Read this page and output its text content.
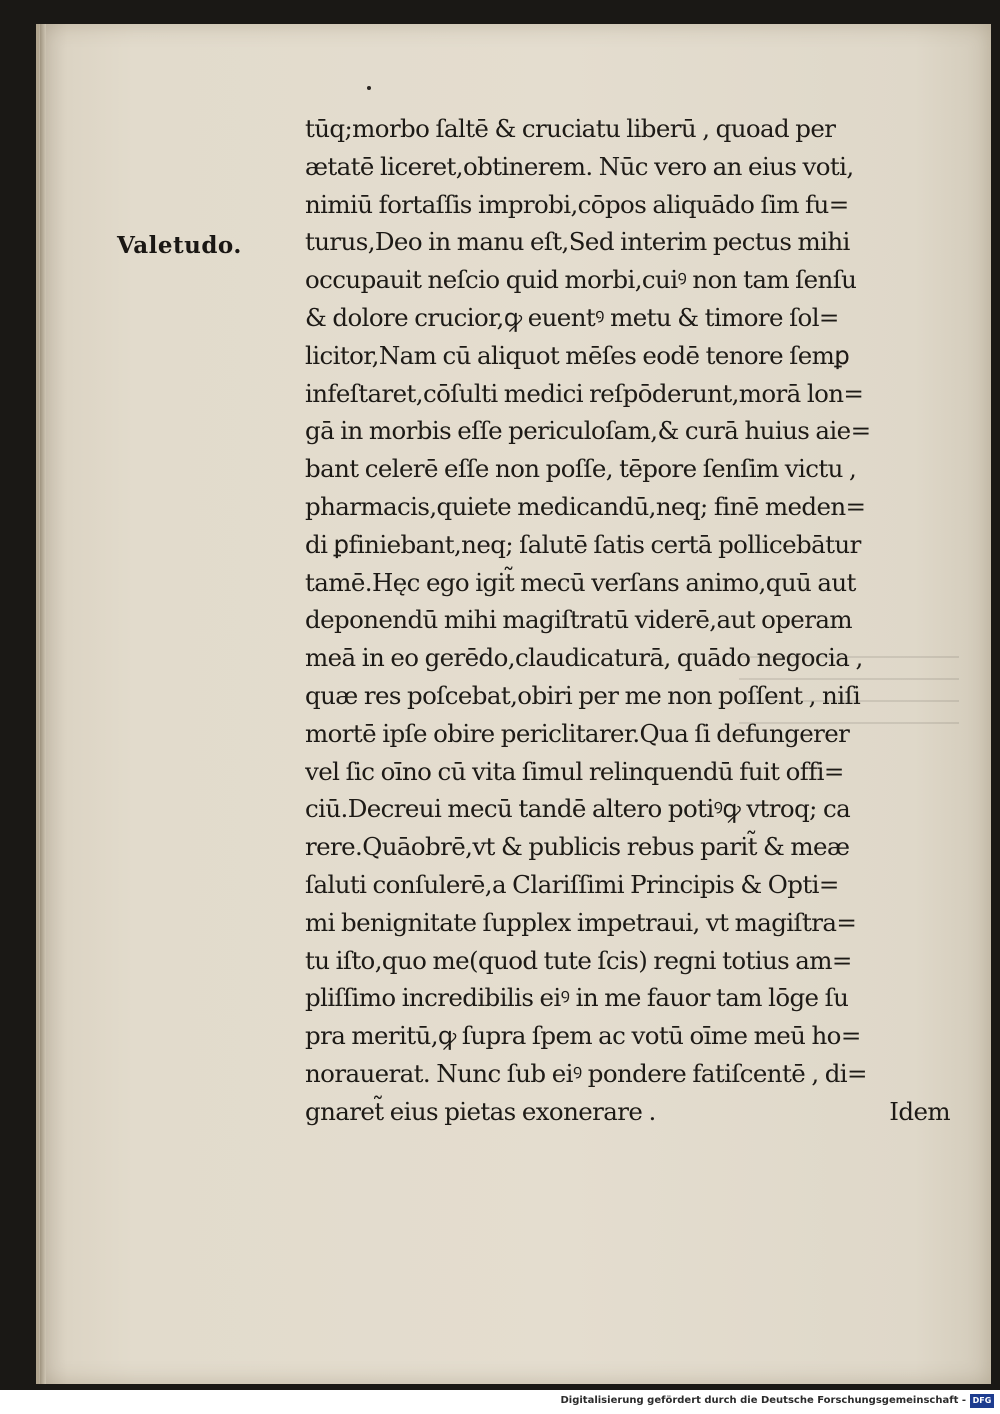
Valetudo.
tūq;morbo ſaltē & cruciatu liberū , quoad per
ætatē liceret,obtinerem. Nūc vero an eius voti,
nimiū fortaſſis improbi,cōpos aliquādo ſim fu=
turus,Deo in manu eſt,Sed interim pectus mihi
occupauit neſcio quid morbi,cuiꝰ non tam ſenſu
& dolore crucior,ꝙ euentꝰ metu & timore ſol=
licitor,Nam cū aliquot mēſes eodē tenore ſemꝑ
infeſtaret,cōſulti medici reſpōderunt,morā lon=
gā in morbis eſſe periculoſam,& curā huius aie=
bant celerē eſſe non poſſe, tēpore ſenſim victu ,
pharmacis,quiete medicandū,neq; finē meden=
di ꝑfiniebant,neq; ſalutē ſatis certā pollicebātur
tamē.Hęc ego igit̃ mecū verſans animo,quū aut
deponendū mihi magiſtratū viderē,aut operam
meā in eo gerēdo,claudicaturā, quādo negocia ,
quæ res poſcebat,obiri per me non poſſent , niſi
mortē ipſe obire periclitarer.Qua ſi defungerer
vel ſic oīno cū vita ſimul relinquendū fuit offi=
ciū.Decreui mecū tandē altero potiꝰꝙ vtroq; ca
rere.Quāobrē,vt & publicis rebus parit̃ & meæ
ſaluti conſulerē,a Clariſſimi Principis & Opti=
mi benignitate ſupplex impetraui, vt magiſtra=
tu iſto,quo me(quod tute ſcis) regni totius am=
pliſſimo incredibilis eiꝰ in me fauor tam lōge ſu
pra meritū,ꝙ ſupra ſpem ac votū oīme meū ho=
norauerat. Nunc ſub eiꝰ pondere fatiſcentē , di=
gnaret̃ eius pietas exonerare .	Idem
Digitalisierung gefördert durch die Deutsche Forschungsgemeinschaft - DFG
